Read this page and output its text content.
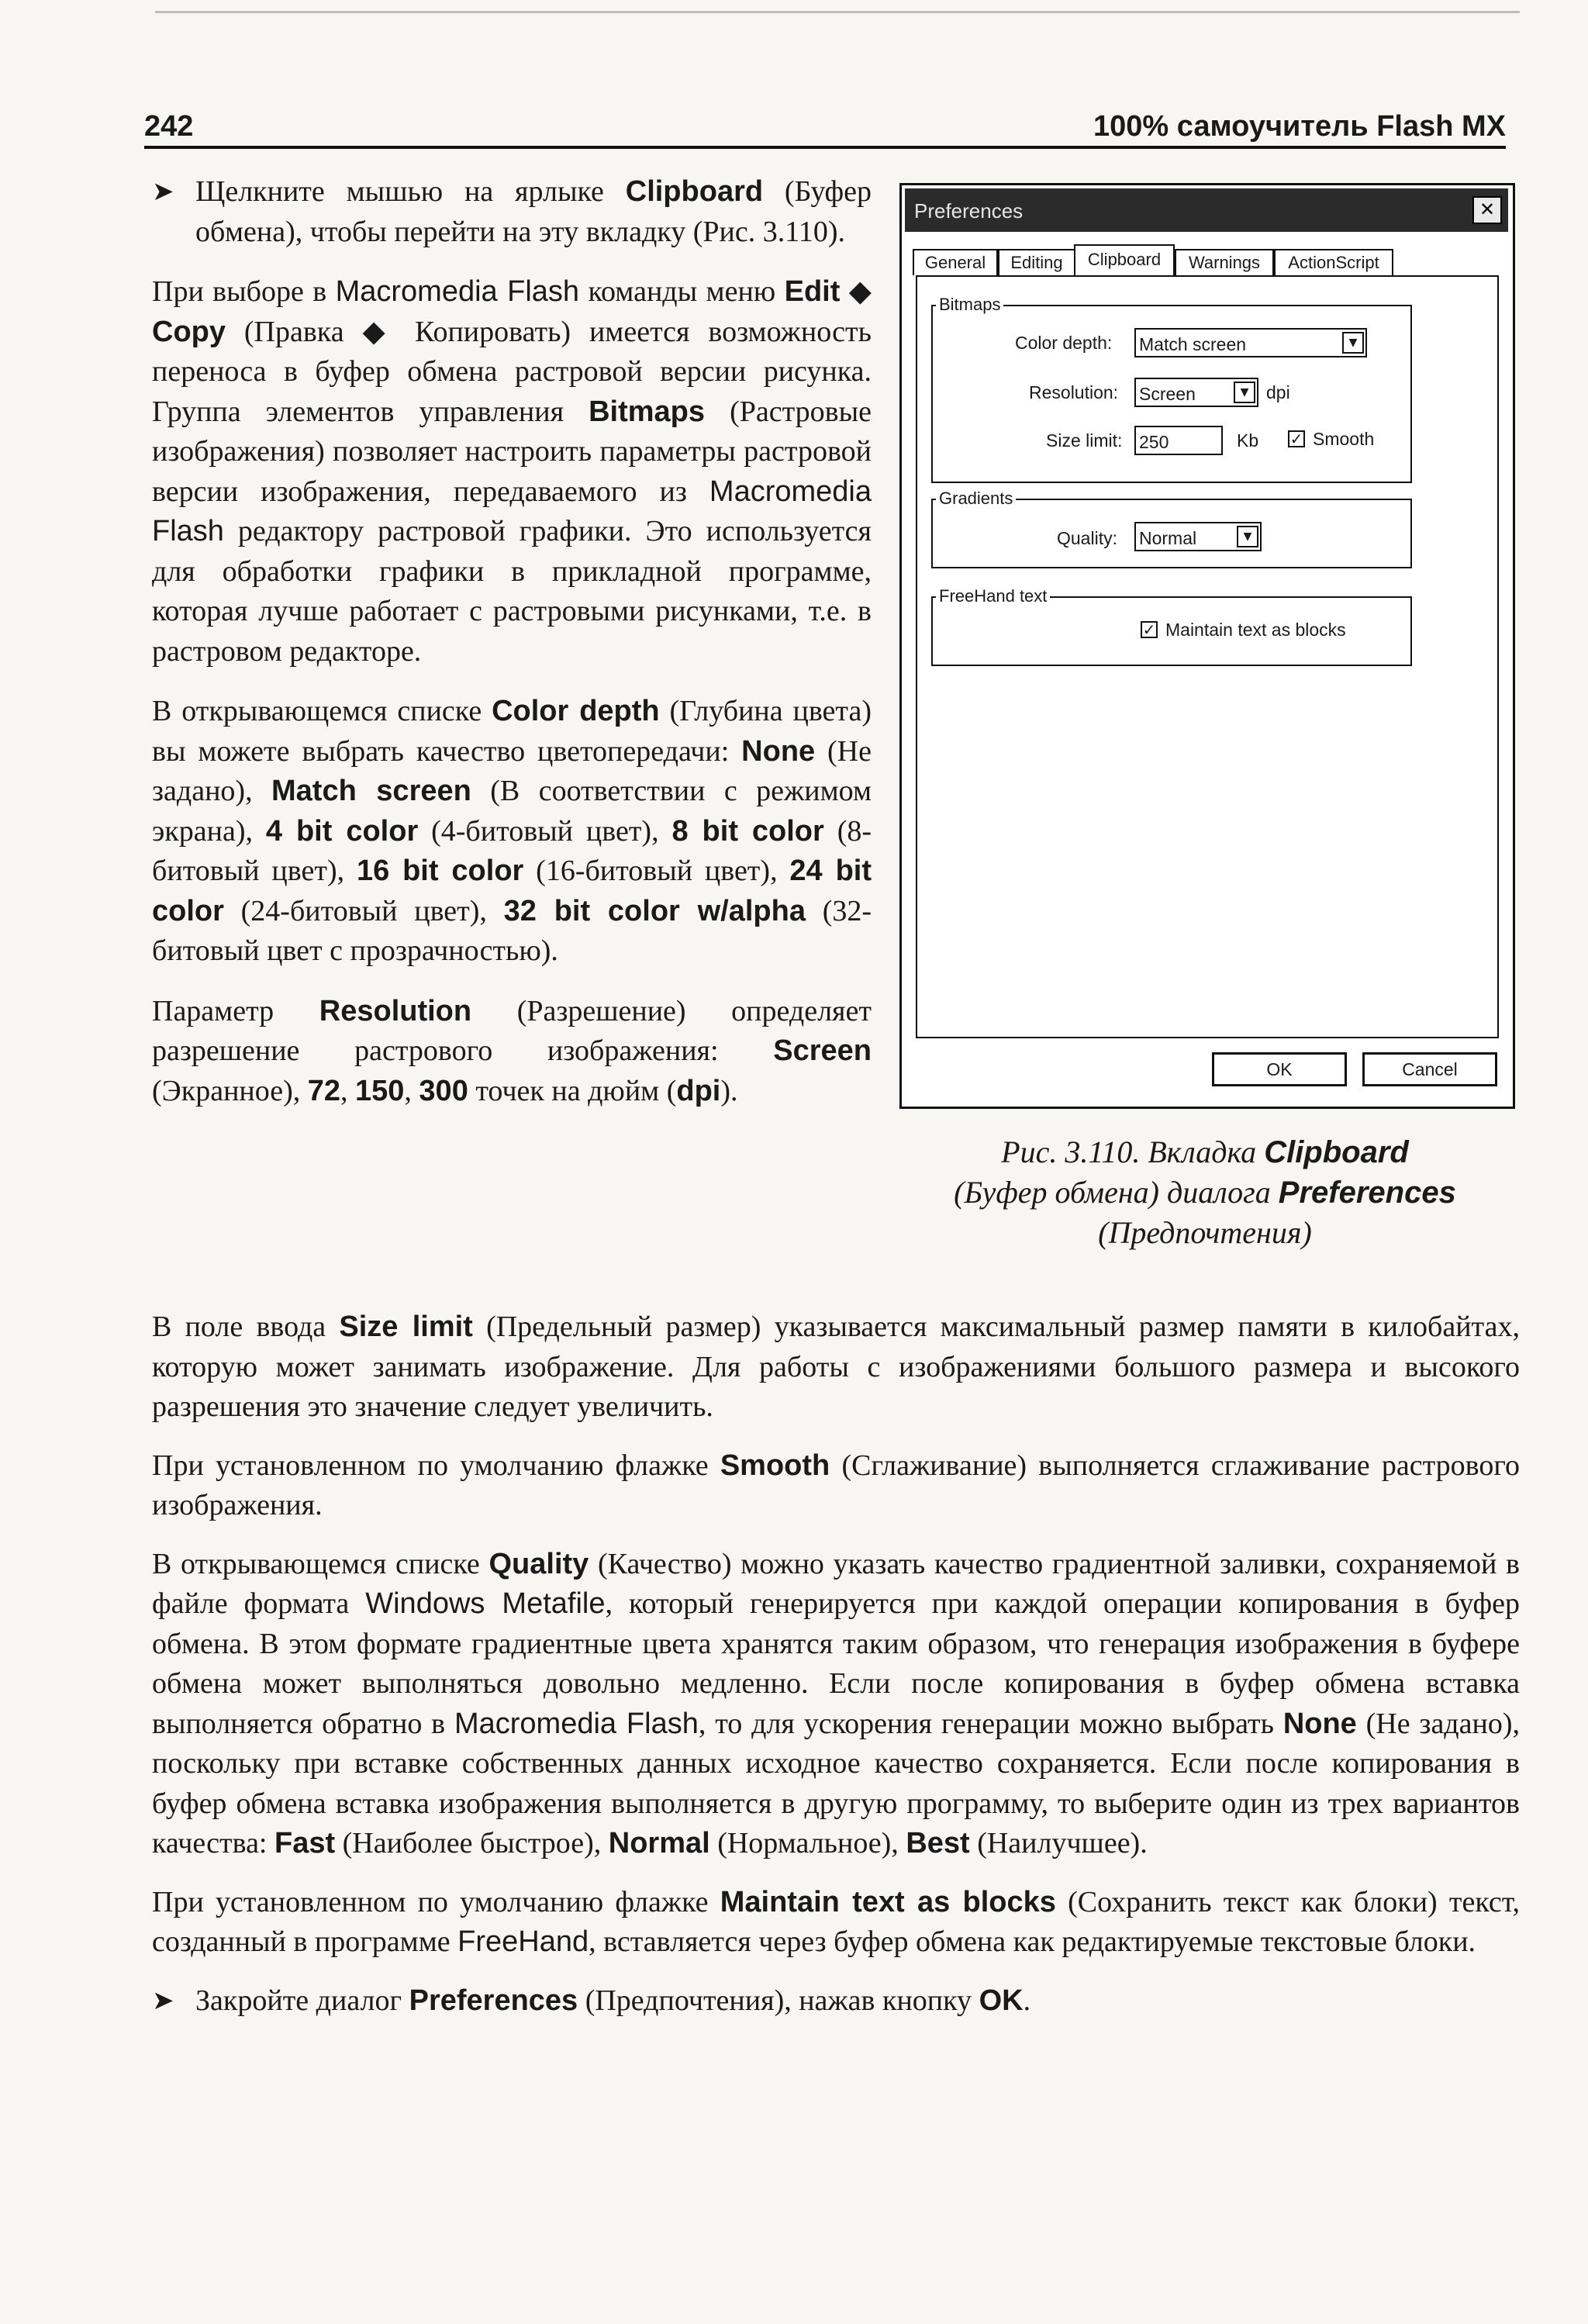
242	100% самоучитель Flash MX

➤ Щелкните мышью на ярлыке Clipboard (Буфер обмена), чтобы перейти на эту вкладку (Рис. 3.110).

При выборе в Macromedia Flash команды меню Edit ◆ Copy (Правка ◆ Копировать) имеется возможность переноса в буфер обмена растровой версии рисунка. Группа элементов управления Bitmaps (Растровые изображения) позволяет настроить параметры растровой версии изображения, передаваемого из Macromedia Flash редактору растровой графики. Это используется для обработки графики в прикладной программе, которая лучше работает с растровыми рисунками, т.е. в растровом редакторе.

В открывающемся списке Color depth (Глубина цвета) вы можете выбрать качество цветопередачи: None (Не задано), Match screen (В соответствии с режимом экрана), 4 bit color (4-битовый цвет), 8 bit color (8-битовый цвет), 16 bit color (16-битовый цвет), 24 bit color (24-битовый цвет), 32 bit color w/alpha (32-битовый цвет с прозрачностью).

Параметр Resolution (Разрешение) определяет разрешение растрового изображения: Screen (Экранное), 72, 150, 300 точек на дюйм (dpi).

Preferences	✕
General	Editing	Clipboard	Warnings	ActionScript
Bitmaps
Color depth: Match screen	▼
Resolution: Screen	▼ dpi
Size limit: 250	Kb ✓ Smooth
Gradients
Quality: Normal	▼
FreeHand text
✓ Maintain text as blocks
OK	Cancel
Рис. 3.110. Вкладка Clipboard
(Буфер обмена) диалога Preferences
(Предпочтения)

В поле ввода Size limit (Предельный размер) указывается максимальный размер памяти в килобайтах, которую может занимать изображение. Для работы с изображениями большого размера и высокого разрешения это значение следует увеличить.

При установленном по умолчанию флажке Smooth (Сглаживание) выполняется сглаживание растрового изображения.

В открывающемся списке Quality (Качество) можно указать качество градиентной заливки, сохраняемой в файле формата Windows Metafile, который генерируется при каждой операции копирования в буфер обмена. В этом формате градиентные цвета хранятся таким образом, что генерация изображения в буфере обмена может выполняться довольно медленно. Если после копирования в буфер обмена вставка выполняется обратно в Macromedia Flash, то для ускорения генерации можно выбрать None (Не задано), поскольку при вставке собственных данных исходное качество сохраняется. Если после копирования в буфер обмена вставка изображения выполняется в другую программу, то выберите один из трех вариантов качества: Fast (Наиболее быстрое), Normal (Нормальное), Best (Наилучшее).

При установленном по умолчанию флажке Maintain text as blocks (Сохранить текст как блоки) текст, созданный в программе FreeHand, вставляется через буфер обмена как редактируемые текстовые блоки.

➤ Закройте диалог Preferences (Предпочтения), нажав кнопку OK.
